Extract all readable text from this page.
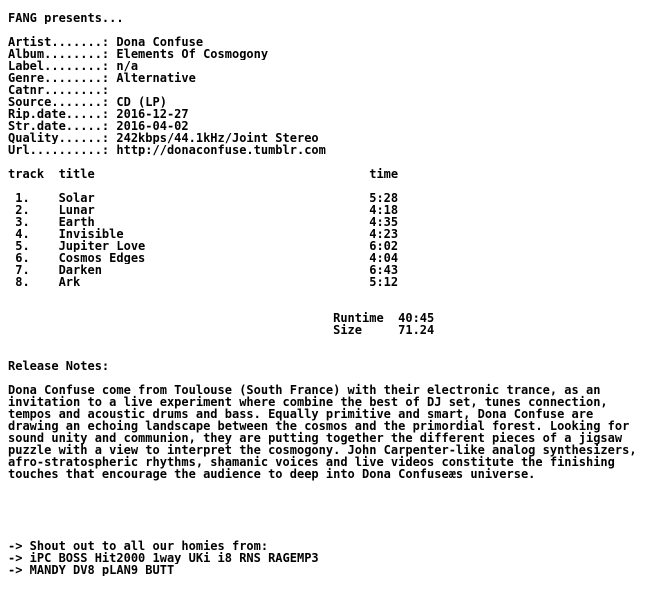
FANG presents...
Artist.......: Dona Confuse
Album........: Elements Of Cosmogony
Label........: n/a
Genre........: Alternative
Catnr........:
Source.......: CD (LP)
Rip.date.....: 2016-12-27
Str.date.....: 2016-04-02
Quality......: 242kbps/44.1kHz/Joint Stereo
Url..........: http://donaconfuse.tumblr.com
track  title                                      time
1.    Solar                                      5:28
2.    Lunar                                      4:18
3.    Earth                                      4:35
4.    Invisible                                  4:23
5.    Jupiter Love                               6:02
6.    Cosmos Edges                               4:04
7.    Darken                                     6:43
8.    Ark                                        5:12
Runtime  40:45
Size     71.24
Release Notes:
Dona Confuse come from Toulouse (South France) with their electronic trance, as an invitation to a live experiment where combine the best of DJ set, tunes connection, tempos and acoustic drums and bass. Equally primitive and smart, Dona Confuse are drawing an echoing landscape between the cosmos and the primordial forest. Looking for sound unity and communion, they are putting together the different pieces of a jigsaw puzzle with a view to interpret the cosmogony. John Carpenter-like analog synthesizers, afro-stratospheric rhythms, shamanic voices and live videos constitute the finishing touches that encourage the audience to deep into Dona Confuseæs universe.
-> Shout out to all our homies from:
-> iPC BOSS Hit2000 1way UKi i8 RNS RAGEMP3
-> MANDY DV8 pLAN9 BUTT
